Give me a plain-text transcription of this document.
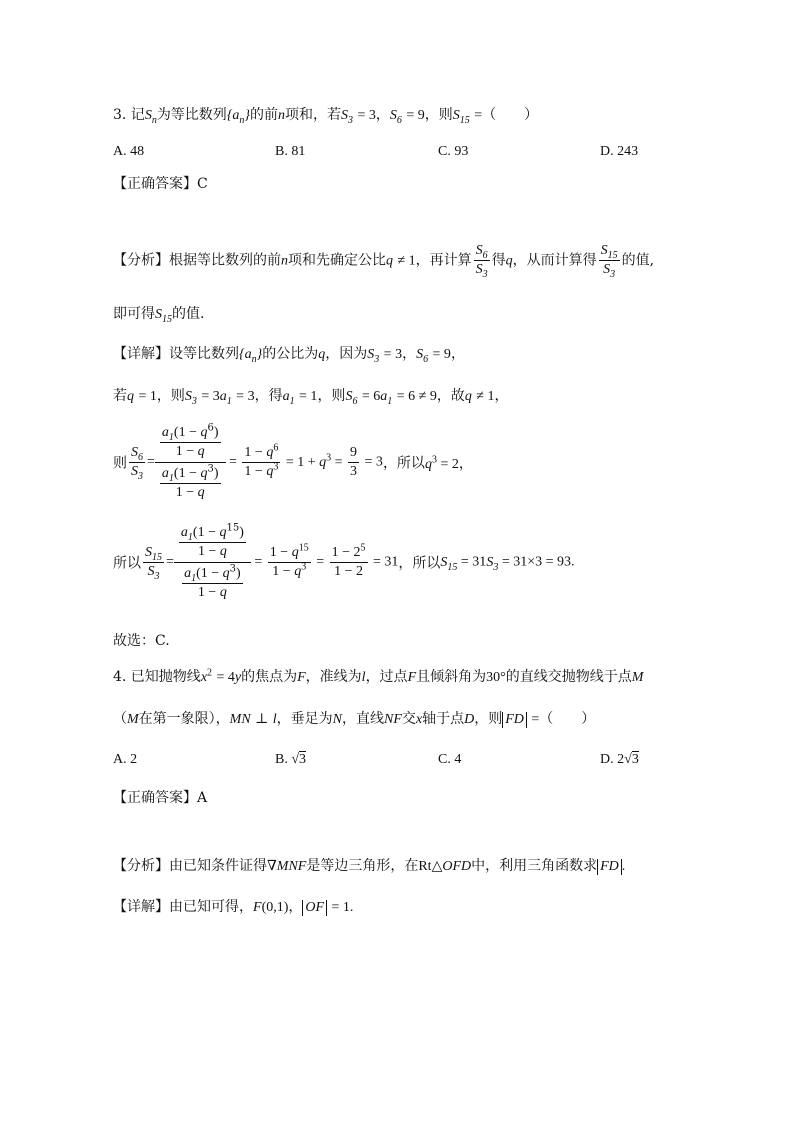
3. 记$S_n$为等比数列$\{a_n\}$的前n项和，若$S_3 = 3$，$S_6 = 9$，则$S_{15}$ =（　　）
A. 48	B. 81	C. 93	D. 243
【正确答案】C
【分析】根据等比数列的前n项和先确定公比q ≠ 1，再计算 $\frac{S_6}{S_3}$ 得q，从而计算得 $\frac{S_{15}}{S_3}$ 的值,
即可得$S_{15}$的值.
【详解】设等比数列$\{a_n\}$的公比为q，因为$S_3 = 3$，$S_6 = 9$，
若q = 1，则$S_3 = 3a_1 = 3$，得$a_1 = 1$，则$S_6 = 6a_1 = 6 \ne 9$，故q ≠ 1，
则 $\frac{S_6}{S_3} = \frac{\frac{a_1(1 - q^6)}{1 - q}}{\frac{a_1(1 - q^3)}{1 - q}} = \frac{1 - q^6}{1 - q^3} = 1 + q^3 = \frac{9}{3} = 3$，所以$q^3 = 2$，
所以 $\frac{S_{15}}{S_3} = \frac{\frac{a_1(1 - q^{15})}{1 - q}}{\frac{a_1(1 - q^3)}{1 - q}} = \frac{1 - q^{15}}{1 - q^3} = \frac{1 - 2^5}{1 - 2} = 31$，所以$S_{15} = 31S_3 = 31\times 3 = 93$.
故选：C.
4. 已知抛物线$x^2 = 4y$的焦点为F，准线为l，过点F且倾斜角为30°的直线交抛物线于点M
（M在第一象限），MN ⊥ l，垂足为N，直线NF交x轴于点D，则 FD =（　　）
A. 2	B. √3	C. 4	D. 2√3
【正确答案】A
【分析】由已知条件证得∇MNF是等边三角形，在Rt△OFD中，利用三角函数求 FD .
【详解】由已知可得，F(0,1)， OF = 1.
